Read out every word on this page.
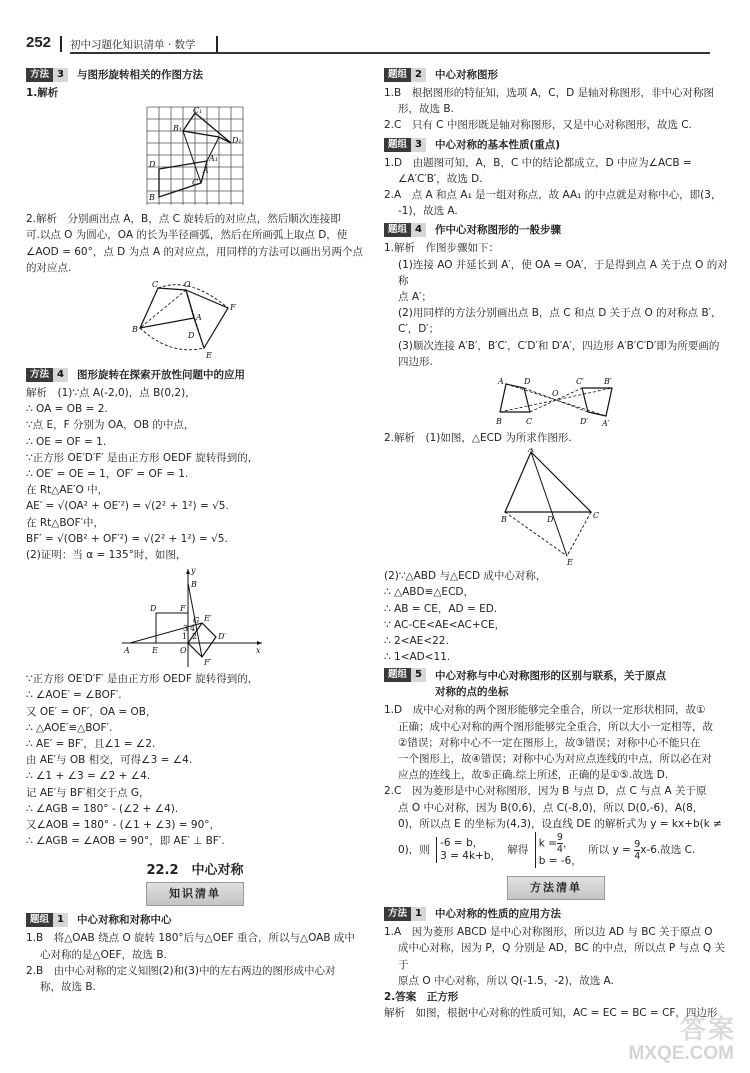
252 初中习题化知识清单 · 数学
方法 3	与图形旋转相关的作图方法

1.解析

C₁
B₁
D₁
A₁
A
C
D
B

2.解析　分别画出点 A，B，点 C 旋转后的对应点，然后顺次连接即

可.以点 O 为圆心，OA 的长为半径画弧，然后在所画弧上取点 D，使

∠AOD = 60°，点 D 为点 A 的对应点，用同样的方法可以画出另两个点

的对应点.

B
C	O
A
D
F
E
方法 4	图形旋转在探索开放性问题中的应用

解析　(1)∵点 A(-2,0)，点 B(0,2)，

∴ OA = OB = 2.

∵点 E，F 分别为 OA，OB 的中点，

∴ OE = OF = 1.

∵正方形 OE′D′F′ 是由正方形 OEDF 旋转得到的，

∴ OE′ = OE = 1，OF′ = OF = 1.

在 Rt△AE′O 中，

AE′ = √(OA² + OE′²) = √(2² + 1²) = √5.

在 Rt△BOF′中，

BF′ = √(OB² + OF′²) = √(2² + 1²) = √5.

(2)证明：当 α = 135°时，如图，

y
B
D	F
E′
G
3 4
1 2
A	E	O
D′
F′
x

∵正方形 OE′D′F′ 是由正方形 OEDF 旋转得到的，

∴ ∠AOE′ = ∠BOF′.

又 OE′ = OF′，OA = OB，

∴ △AOE′≌△BOF′.

∴ AE′ = BF′，且∠1 = ∠2.

由 AE′与 OB 相交，可得∠3 = ∠4.

∴ ∠1 + ∠3 = ∠2 + ∠4.

记 AE′与 BF′相交于点 G，

∴ ∠AGB = 180° - (∠2 + ∠4).

又∠AOB = 180° - (∠1 + ∠3) = 90°，

∴ ∠AGB = ∠AOB = 90°，即 AE′ ⊥ BF′.

22.2　中心对称
知识清单
题组 1	中心对称和对称中心

1.B　将△OAB 绕点 O 旋转 180°后与△OEF 重合，所以与△OAB 成中

心对称的是△OEF，故选 B.

2.B　由中心对称的定义知图(2)和(3)中的左右两边的图形成中心对

称，故选 B.

题组 2	中心对称图形

1.B　根据图形的特征知，选项 A，C，D 是轴对称图形，非中心对称图

形，故选 B.

2.C　只有 C 中图形既是轴对称图形，又是中心对称图形，故选 C.

题组 3	中心对称的基本性质(重点)

1.D　由题图可知，A，B，C 中的结论都成立，D 中应为∠ACB =

∠A′C′B′，故选 D.

2.A　点 A 和点 A₁ 是一组对称点，故 AA₁ 的中点就是对称中心，即(3，

-1)，故选 A.

题组 4	作中心对称图形的一般步骤

1.解析　作图步骤如下：

(1)连接 AO 并延长到 A′，使 OA = OA′，于是得到点 A 关于点 O 的对称

点 A′；

(2)用同样的方法分别画出点 B，点 C 和点 D 关于点 O 的对称点 B′，

C′，D′；

(3)顺次连接 A′B′，B′C′，C′D′和 D′A′，四边形 A′B′C′D′即为所要画的

四边形.

A	D
B	C
O
C′	B′
D′ A′

2.解析　(1)如图，△ECD 为所求作图形.

A
B	D	C
E

(2)∵△ABD 与△ECD 成中心对称，

∴ △ABD≌△ECD，

∴ AB = CE，AD = ED.

∵ AC-CE<AE<AC+CE，

∴ 2<AE<22.

∴ 1<AD<11.

题组 5	中心对称与中心对称图形的区别与联系，关于原点
对称的点的坐标

1.D　成中心对称的两个图形能够完全重合，所以一定形状相同，故①

正确；成中心对称的两个图形能够完全重合，所以大小一定相等，故

②错误；对称中心不一定在图形上，故③错误；对称中心不能只在

一个图形上，故④错误；对称中心为对应点连线的中点，所以必在对

应点的连线上，故⑤正确.综上所述，正确的是①⑤.故选 D.

2.C　因为菱形是中心对称图形，因为 B 与点 D，点 C 与点 A 关于原

点 O 中心对称，因为 B(0,6)，点 C(-8,0)，所以 D(0,-6)，A(8，

0)，所以点 E 的坐标为(4,3)，设直线 DE 的解析式为 y = kx+b(k ≠

0)，则 -6 = b，
3 = 4k+b， 解得 $k = \frac{9}{4}$ ，
b = -6， 所以 $y = \frac{9}{4} x-6$.故选 C.

方法清单
方法 1	中心对称的性质的应用方法

1.A　因为菱形 ABCD 是中心对称图形，所以边 AD 与 BC 关于原点 O

成中心对称，因为 P，Q 分别是 AD，BC 的中点，所以点 P 与点 Q 关于

原点 O 中心对称，所以 Q(-1.5，-2)，故选 A.

2.答案　正方形

解析　如图，根据中心对称的性质可知，AC = EC = BC = CF，四边形

答案
MXQE.COM
